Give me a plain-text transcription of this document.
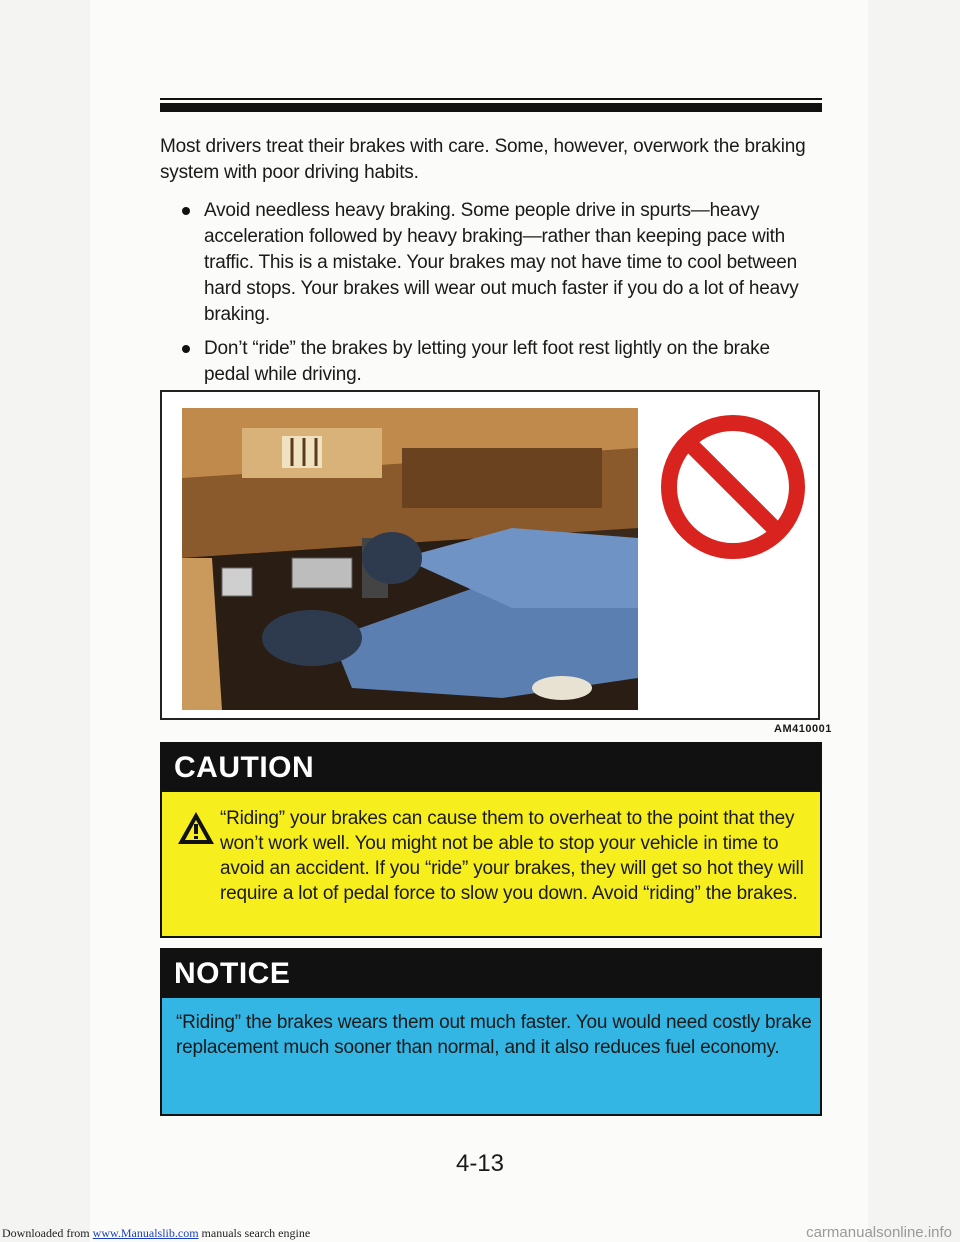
Most drivers treat their brakes with care. Some, however, overwork the braking system with poor driving habits.
Avoid needless heavy braking. Some people drive in spurts—heavy acceleration followed by heavy braking—rather than keeping pace with traffic. This is a mistake. Your brakes may not have time to cool between hard stops. Your brakes will wear out much faster if you do a lot of heavy braking.
Don’t “ride” the brakes by letting your left foot rest lightly on the brake pedal while driving.
AM410001
CAUTION
“Riding” your brakes can cause them to overheat to the point that they won’t work well. You might not be able to stop your vehicle in time to avoid an accident. If you “ride” your brakes, they will get so hot they will require a lot of pedal force to slow you down. Avoid “riding” the brakes.
NOTICE
“Riding” the brakes wears them out much faster. You would need costly brake replacement much sooner than normal, and it also reduces fuel economy.
4-13
Downloaded from www.Manualslib.com manuals search engine	carmanualsonline.info
